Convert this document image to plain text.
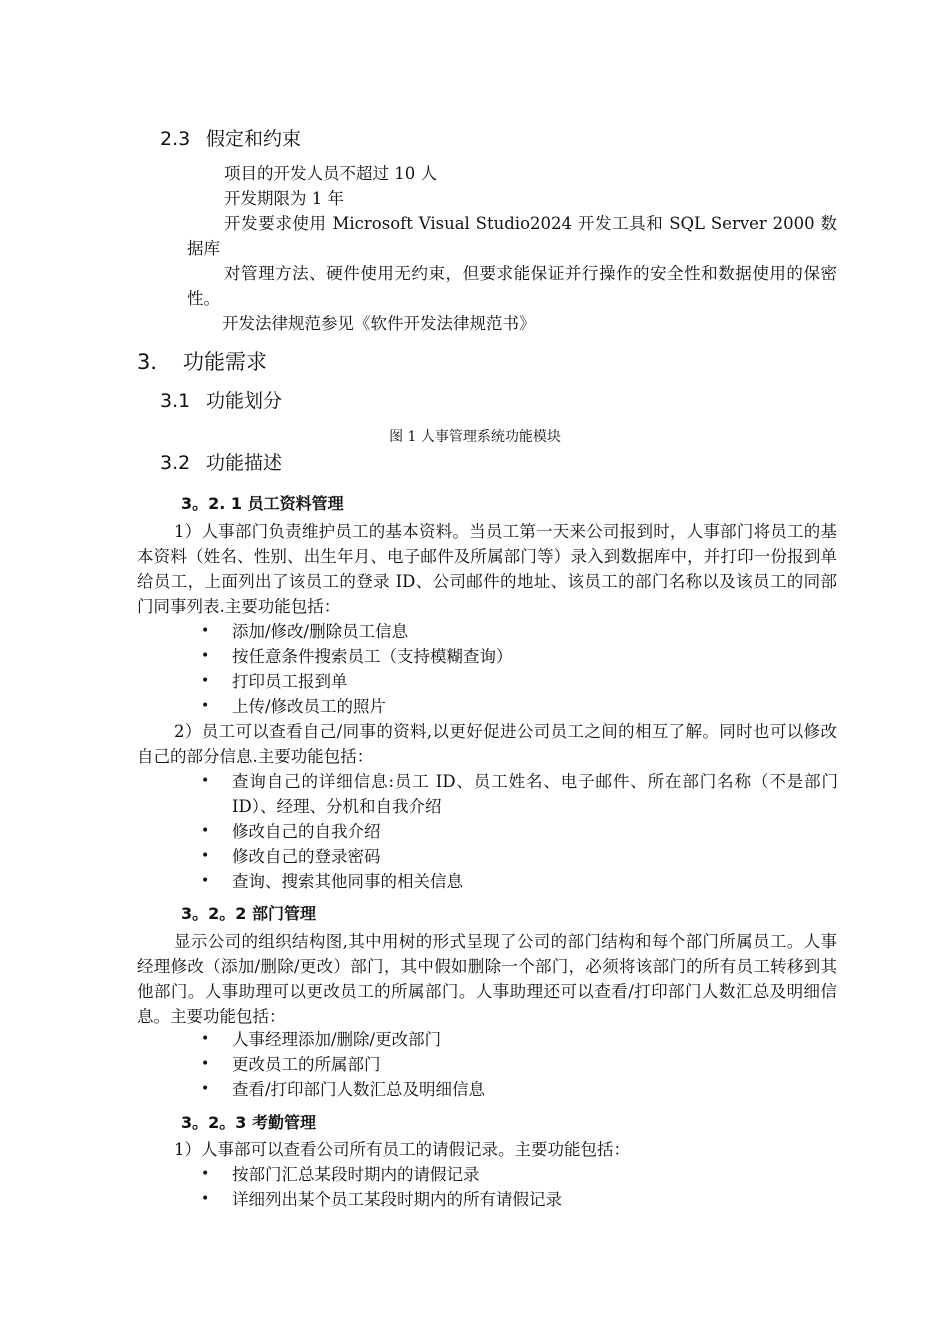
2.3 假定和约束
项目的开发人员不超过 10 人
开发期限为 1 年
开发要求使用 Microsoft Visual Studio2024 开发工具和 SQL Server 2000 数据库
对管理方法、硬件使用无约束，但要求能保证并行操作的安全性和数据使用的保密性。
开发法律规范参见《软件开发法律规范书》
3． 功能需求
3.1 功能划分
图 1 人事管理系统功能模块
3.2 功能描述
3。2. 1 员工资料管理
1）人事部门负责维护员工的基本资料。当员工第一天来公司报到时，人事部门将员工的基本资料（姓名、性别、出生年月、电子邮件及所属部门等）录入到数据库中，并打印一份报到单给员工，上面列出了该员工的登录 ID、公司邮件的地址、该员工的部门名称以及该员工的同部门同事列表.主要功能包括：
• 添加/修改/删除员工信息
• 按任意条件搜索员工（支持模糊查询）
• 打印员工报到单
• 上传/修改员工的照片
2）员工可以查看自己/同事的资料,以更好促进公司员工之间的相互了解。同时也可以修改自己的部分信息.主要功能包括：
• 查询自己的详细信息:员工 ID、员工姓名、电子邮件、所在部门名称（不是部门 ID）、经理、分机和自我介绍
• 修改自己的自我介绍
• 修改自己的登录密码
• 查询、搜索其他同事的相关信息
3。2。2 部门管理
显示公司的组织结构图,其中用树的形式呈现了公司的部门结构和每个部门所属员工。人事经理修改（添加/删除/更改）部门，其中假如删除一个部门，必须将该部门的所有员工转移到其他部门。人事助理可以更改员工的所属部门。人事助理还可以查看/打印部门人数汇总及明细信息。主要功能包括：
• 人事经理添加/删除/更改部门
• 更改员工的所属部门
• 查看/打印部门人数汇总及明细信息
3。2。3 考勤管理
1）人事部可以查看公司所有员工的请假记录。主要功能包括：
• 按部门汇总某段时期内的请假记录
• 详细列出某个员工某段时期内的所有请假记录
